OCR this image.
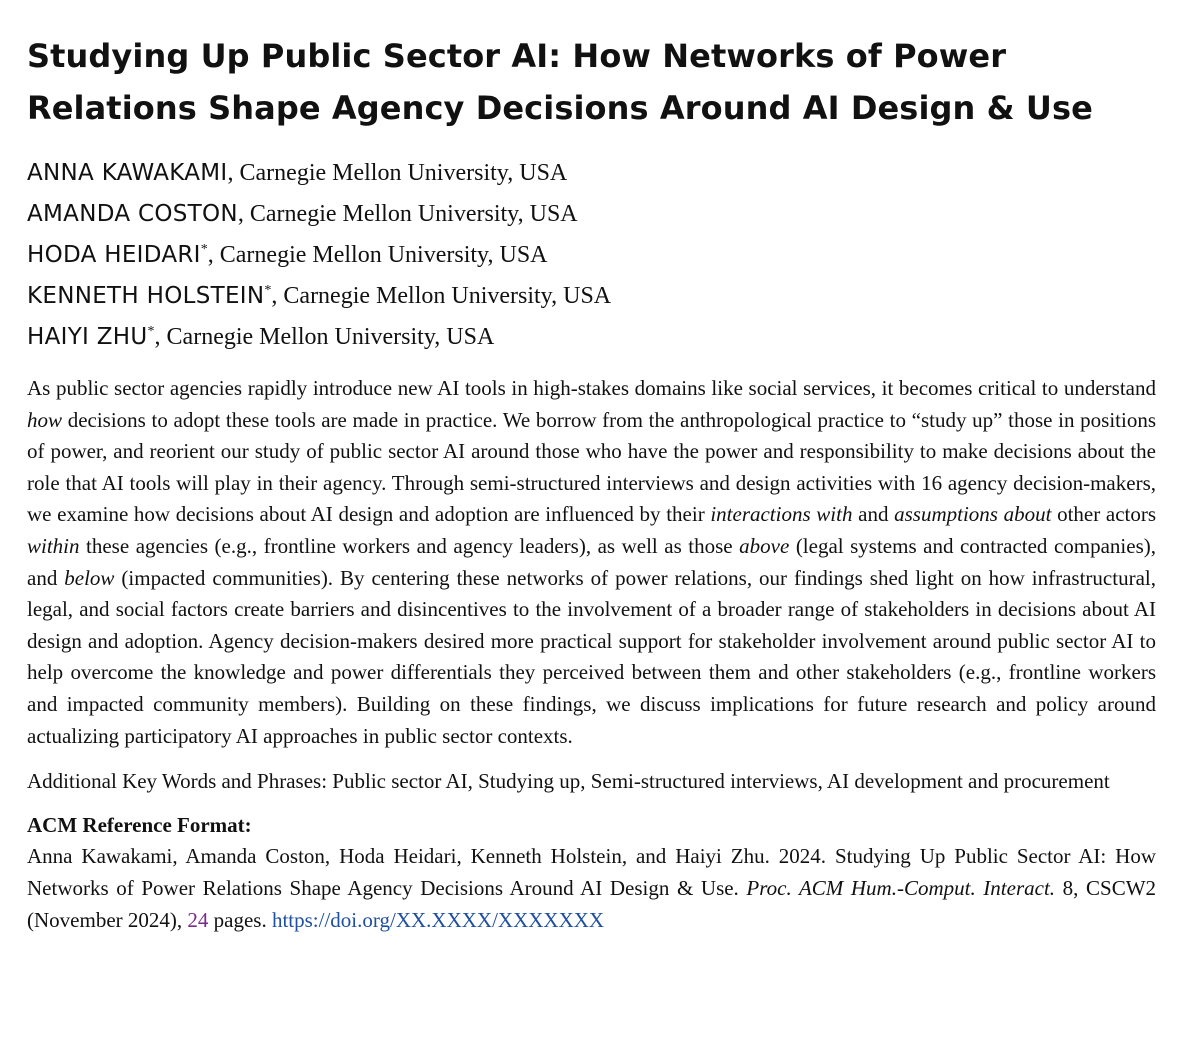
Studying Up Public Sector AI: How Networks of Power
Relations Shape Agency Decisions Around AI Design & Use
ANNA KAWAKAMI, Carnegie Mellon University, USA
AMANDA COSTON, Carnegie Mellon University, USA
HODA HEIDARI*, Carnegie Mellon University, USA
KENNETH HOLSTEIN*, Carnegie Mellon University, USA
HAIYI ZHU*, Carnegie Mellon University, USA

As public sector agencies rapidly introduce new AI tools in high-stakes domains like social services, it becomes critical to understand how decisions to adopt these tools are made in practice. We borrow from the anthropological practice to “study up” those in positions of power, and reorient our study of public sector AI around those who have the power and responsibility to make decisions about the role that AI tools will play in their agency. Through semi-structured interviews and design activities with 16 agency decision-makers, we examine how decisions about AI design and adoption are influenced by their interactions with and assumptions about other actors within these agencies (e.g., frontline workers and agency leaders), as well as those above (legal systems and contracted companies), and below (impacted communities). By centering these networks of power relations, our findings shed light on how infrastructural, legal, and social factors create barriers and disincentives to the involvement of a broader range of stakeholders in decisions about AI design and adoption. Agency decision-makers desired more practical support for stakeholder involvement around public sector AI to help overcome the knowledge and power differentials they perceived between them and other stakeholders (e.g., frontline workers and impacted community members). Building on these findings, we discuss implications for future research and policy around actualizing participatory AI approaches in public sector contexts.

Additional Key Words and Phrases: Public sector AI, Studying up, Semi-structured interviews, AI development and procurement

ACM Reference Format:

Anna Kawakami, Amanda Coston, Hoda Heidari, Kenneth Holstein, and Haiyi Zhu. 2024. Studying Up Public Sector AI: How Networks of Power Relations Shape Agency Decisions Around AI Design & Use. Proc. ACM Hum.-Comput. Interact. 8, CSCW2 (November 2024), 24 pages. https://doi.org/XX.XXXX/XXXXXXX
